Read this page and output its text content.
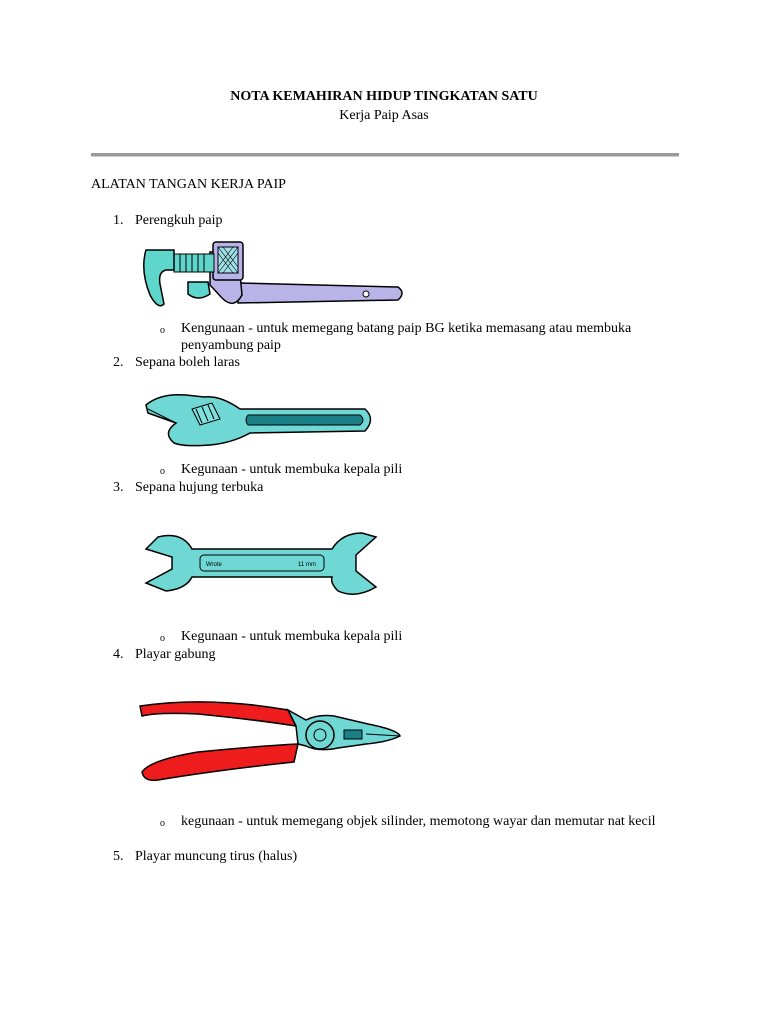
NOTA KEMAHIRAN HIDUP TINGKATAN SATU
Kerja Paip Asas
ALATAN TANGAN KERJA PAIP
1. Perengkuh paip
o Kengunaan - untuk memegang batang paip BG ketika memasang atau membuka penyambung paip
2. Sepana boleh laras
o Kegunaan - untuk membuka kepala pili
3. Sepana hujung terbuka
Wrote	11 mm
o Kegunaan - untuk membuka kepala pili
4. Playar gabung
o kegunaan - untuk memegang objek silinder, memotong wayar dan memutar nat kecil
5. Playar muncung tirus (halus)
